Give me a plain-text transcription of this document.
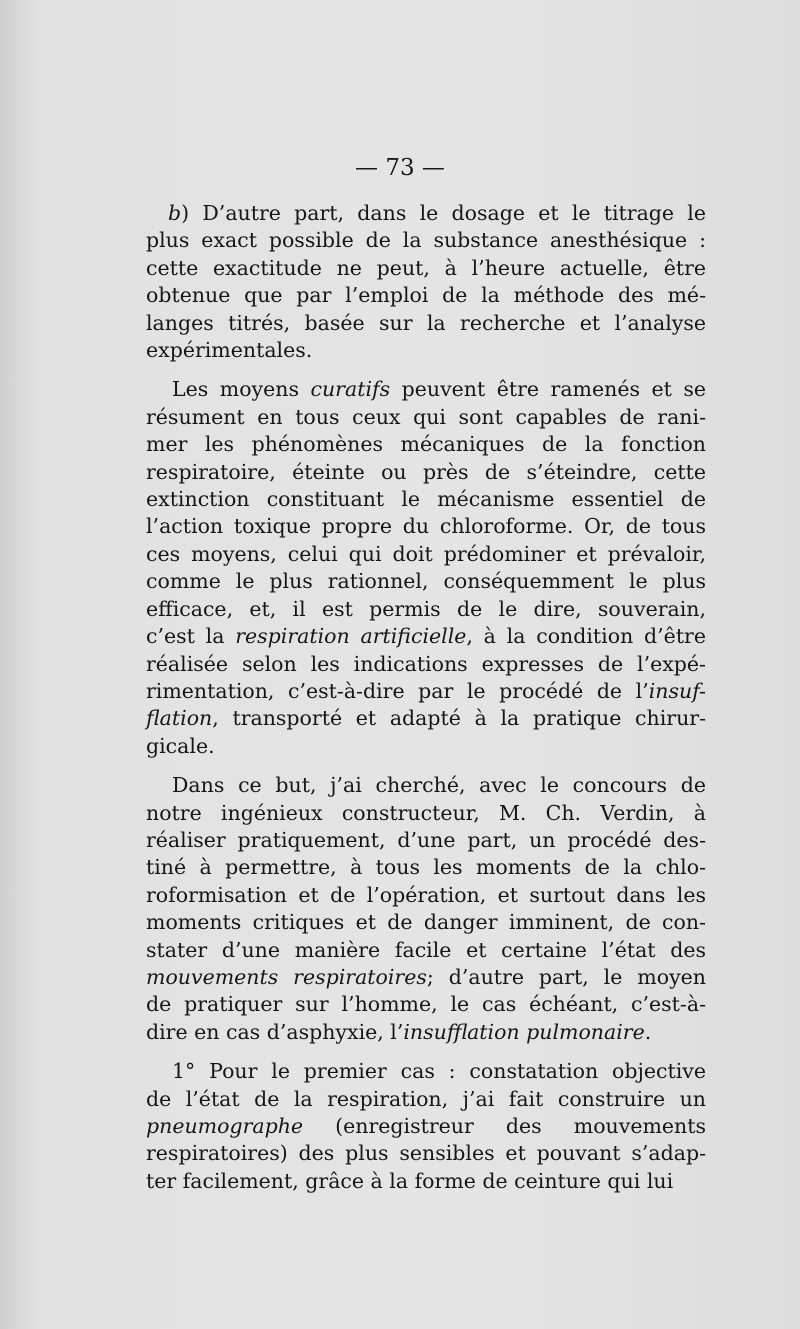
— 73 —

b) D’autre part, dans le dosage et le titrage le
plus exact possible de la substance anesthésique :
cette exactitude ne peut, à l’heure actuelle, être
obtenue que par l’emploi de la méthode des mé-
langes titrés, basée sur la recherche et l’analyse
expérimentales.

Les moyens curatifs peuvent être ramenés et se
résument en tous ceux qui sont capables de rani-
mer les phénomènes mécaniques de la fonction
respiratoire, éteinte ou près de s’éteindre, cette
extinction constituant le mécanisme essentiel de
l’action toxique propre du chloroforme. Or, de tous
ces moyens, celui qui doit prédominer et prévaloir,
comme le plus rationnel, conséquemment le plus
efficace, et, il est permis de le dire, souverain,
c’est la respiration artificielle, à la condition d’être
réalisée selon les indications expresses de l’expé-
rimentation, c’est-à-dire par le procédé de l’insuf-
flation, transporté et adapté à la pratique chirur-
gicale.

Dans ce but, j’ai cherché, avec le concours de
notre ingénieux constructeur, M. Ch. Verdin, à
réaliser pratiquement, d’une part, un procédé des-
tiné à permettre, à tous les moments de la chlo-
roformisation et de l’opération, et surtout dans les
moments critiques et de danger imminent, de con-
stater d’une manière facile et certaine l’état des
mouvements respiratoires; d’autre part, le moyen
de pratiquer sur l’homme, le cas échéant, c’est-à-
dire en cas d’asphyxie, l’insufflation pulmonaire.

1° Pour le premier cas : constatation objective
de l’état de la respiration, j’ai fait construire un
pneumographe (enregistreur des mouvements
respiratoires) des plus sensibles et pouvant s’adap-
ter facilement, grâce à la forme de ceinture qui lui
